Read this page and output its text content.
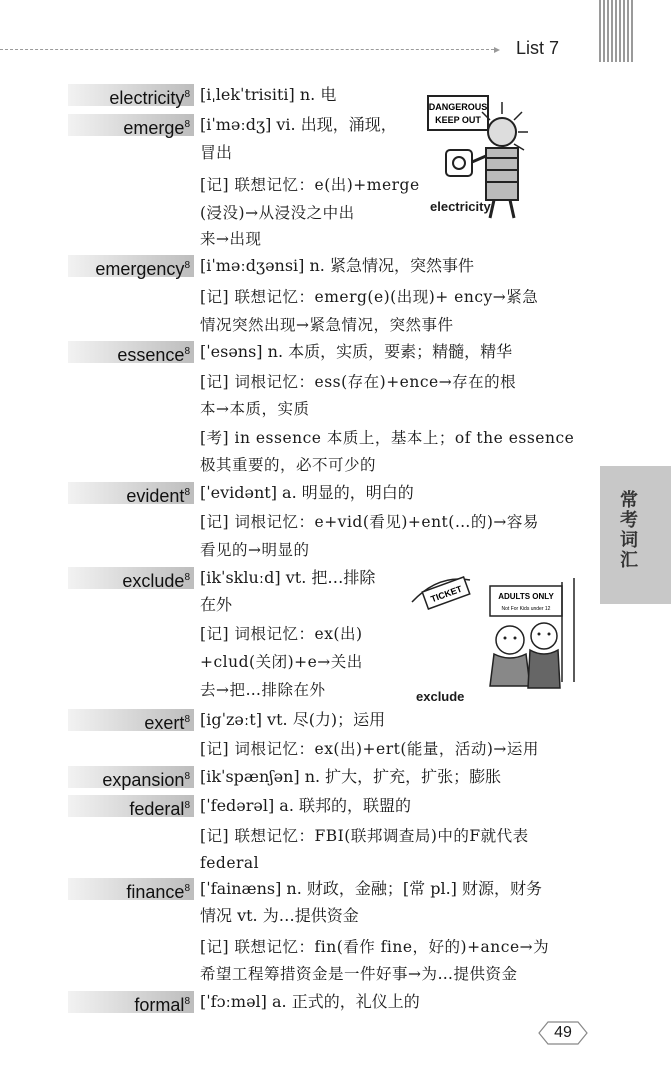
List 7
常考词汇
electricity$^8$ [iˌlekˈtrisiti] n. 电
emerge$^8$ [iˈməːdʒ] vi. 出现，涌现，
冒出
[记] 联想记忆：e(出)+merge
(浸没)→从浸没之中出
来→出现
DANGEROUS
KEEP OUT
electricity
emergency$^8$ [iˈməːdʒənsi] n. 紧急情况，突然事件
[记] 联想记忆：emerg(e)(出现)+ ency→紧急
情况突然出现→紧急情况，突然事件
essence$^8$ [ˈesəns] n. 本质，实质，要素；精髓，精华
[记] 词根记忆：ess(存在)+ence→存在的根
本→本质，实质
[考] in essence 本质上，基本上；of the essence
极其重要的，必不可少的
evident$^8$ [ˈevidənt] a. 明显的，明白的
[记] 词根记忆：e+vid(看见)+ent(…的)→容易
看见的→明显的
exclude$^8$ [ikˈskluːd] vt. 把…排除
在外
[记] 词根记忆：ex(出)
+clud(关闭)+e→关出
去→把…排除在外
TICKET	ADULTS ONLY
Not For Kids under 12
exclude
exert$^8$ [igˈzəːt] vt. 尽(力)；运用
[记] 词根记忆：ex(出)+ert(能量，活动)→运用
expansion$^8$ [ikˈspænʃən] n. 扩大，扩充，扩张；膨胀
federal$^8$ [ˈfedərəl] a. 联邦的，联盟的
[记] 联想记忆：FBI(联邦调查局)中的F就代表
federal
finance$^8$ [ˈfainæns] n. 财政，金融；[常 pl.] 财源，财务
情况 vt. 为…提供资金
[记] 联想记忆：fin(看作 fine，好的)+ance→为
希望工程筹措资金是一件好事→为…提供资金
formal$^8$ [ˈfɔːməl] a. 正式的，礼仪上的
49
